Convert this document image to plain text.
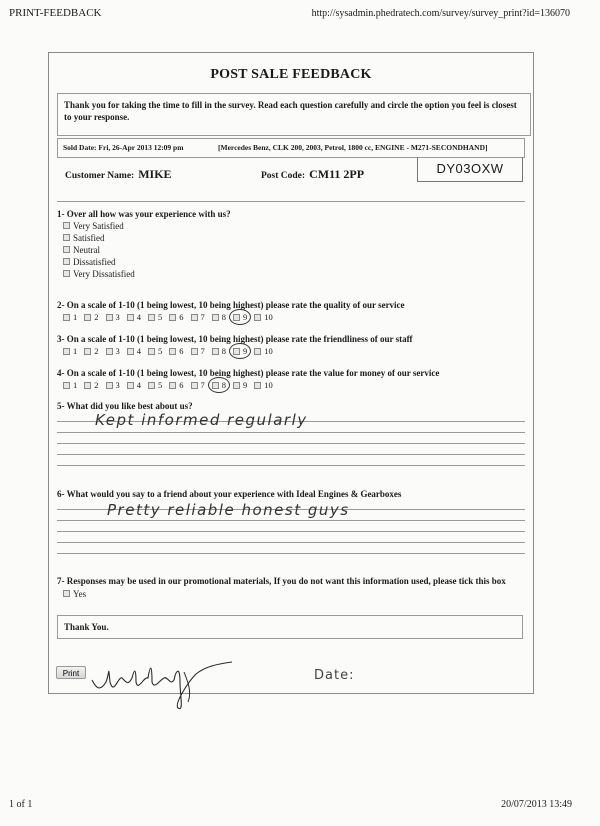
PRINT-FEEDBACK	http://sysadmin.phedratech.com/survey/survey_print?id=136070
POST SALE FEEDBACK
Thank you for taking the time to fill in the survey. Read each question carefully and circle the option you feel is closest to your response.
Sold Date: Fri, 26-Apr 2013 12:09 pm	[Mercedes Benz, CLK 200, 2003, Petrol, 1800 cc, ENGINE - M271-SECONDHAND]
Customer Name: MIKE	Post Code: CM11 2PP	DY03OXW
1- Over all how was your experience with us?
Very Satisfied
Satisfied
Neutral
Dissatisfied
Very Dissatisfied
2- On a scale of 1-10 (1 being lowest, 10 being highest) please rate the quality of our service
1 2 3 4 5 6 7 8 9 10
3- On a scale of 1-10 (1 being lowest, 10 being highest) please rate the friendliness of our staff
1 2 3 4 5 6 7 8 9 10
4- On a scale of 1-10 (1 being lowest, 10 being highest) please rate the value for money of our service
1 2 3 4 5 6 7 8 9 10
5- What did you like best about us?
Kept informed regularly
6- What would you say to a friend about your experience with Ideal Engines & Gearboxes
Pretty reliable honest guys
7- Responses may be used in our promotional materials, If you do not want this information used, please tick this box
Yes
Thank You.
Print	Date:
1 of 1	20/07/2013 13:49
